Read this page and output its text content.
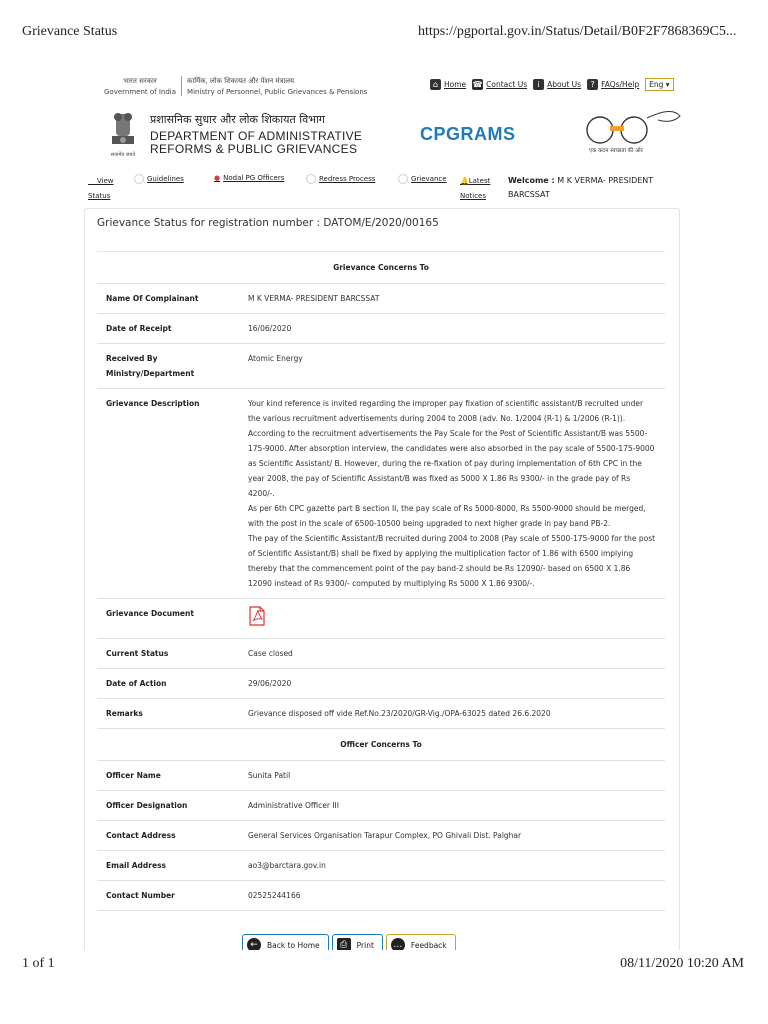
Grievance Status	https://pgportal.gov.in/Status/Detail/B0F2F7868369C5...
भारत सरकार
Government of Indiaकार्मिक, लोक शिकायत और पेंशन मंत्रालय
Ministry of Personnel, Public Grievances & Pensions
⌂ Home ☎ Contact Us	i About Us	? FAQs/Help	Eng ▾
सत्यमेव जयते
प्रशासनिक सुधार और लोक शिकायत विभाग
DEPARTMENT OF ADMINISTRATIVE
REFORMS & PUBLIC GRIEVANCES
CPGRAMS
एक कदम स्वच्छता की ओर
View
Status
Guidelines	● Nodal PG Officers	Redress Process	Grievance 🔔Latest
Notices
Welcome : M K VERMA- PRESIDENT
BARCSSAT
Grievance Status for registration number : DATOM/E/2020/00165
Grievance Concerns To	
Name Of Complainant	M K VERMA- PRESIDENT BARCSSAT
Date of Receipt	16/06/2020
Received By Ministry/Department	Atomic Energy
Grievance Description	Your kind reference is invited regarding the improper pay fixation of scientific assistant/B recruited under the various recruitment advertisements during 2004 to 2008 (adv. No. 1/2004 (R-1) & 1/2006 (R-1)). According to the recruitment advertisements the Pay Scale for the Post of Scientific Assistant/B was 5500-175-9000. After absorption interview, the candidates were also absorbed in the pay scale of 5500-175-9000 as Scientific Assistant/ B. However, during the re-fixation of pay during implementation of 6th CPC in the year 2008, the pay of Scientific Assistant/B was fixed as 5000 X 1.86 Rs 9300/- in the grade pay of Rs 4200/-.

As per 6th CPC gazette part B section II, the pay scale of Rs 5000-8000, Rs 5500-9000 should be merged, with the post in the scale of 6500-10500 being upgraded to next higher grade in pay band PB-2.

The pay of the Scientific Assistant/B recruited during 2004 to 2008 (Pay scale of 5500-175-9000 for the post of Scientific Assistant/B) shall be fixed by applying the multiplication factor of 1.86 with 6500 implying thereby that the commencement point of the pay band-2 should be Rs 12090/- based on 6500 X 1.86 12090 instead of Rs 9300/- computed by multiplying Rs 5000 X 1.86 9300/-.

Grievance Document	
Current Status	Case closed
Date of Action	29/06/2020
Remarks	Grievance disposed off vide Ref.No.23/2020/GR-Vig./OPA-63025 dated 26.6.2020
Officer Concerns To	
Officer Name	Sunita Patil
Officer Designation	Administrative Officer III
Contact Address	General Services Organisation Tarapur Complex, PO Ghivali Dist. Palghar
Email Address	ao3@barctara.gov.in
Contact Number	02525244166
←	Back to Home	⎙	Print …	Feedback
1 of 1	08/11/2020 10:20 AM
